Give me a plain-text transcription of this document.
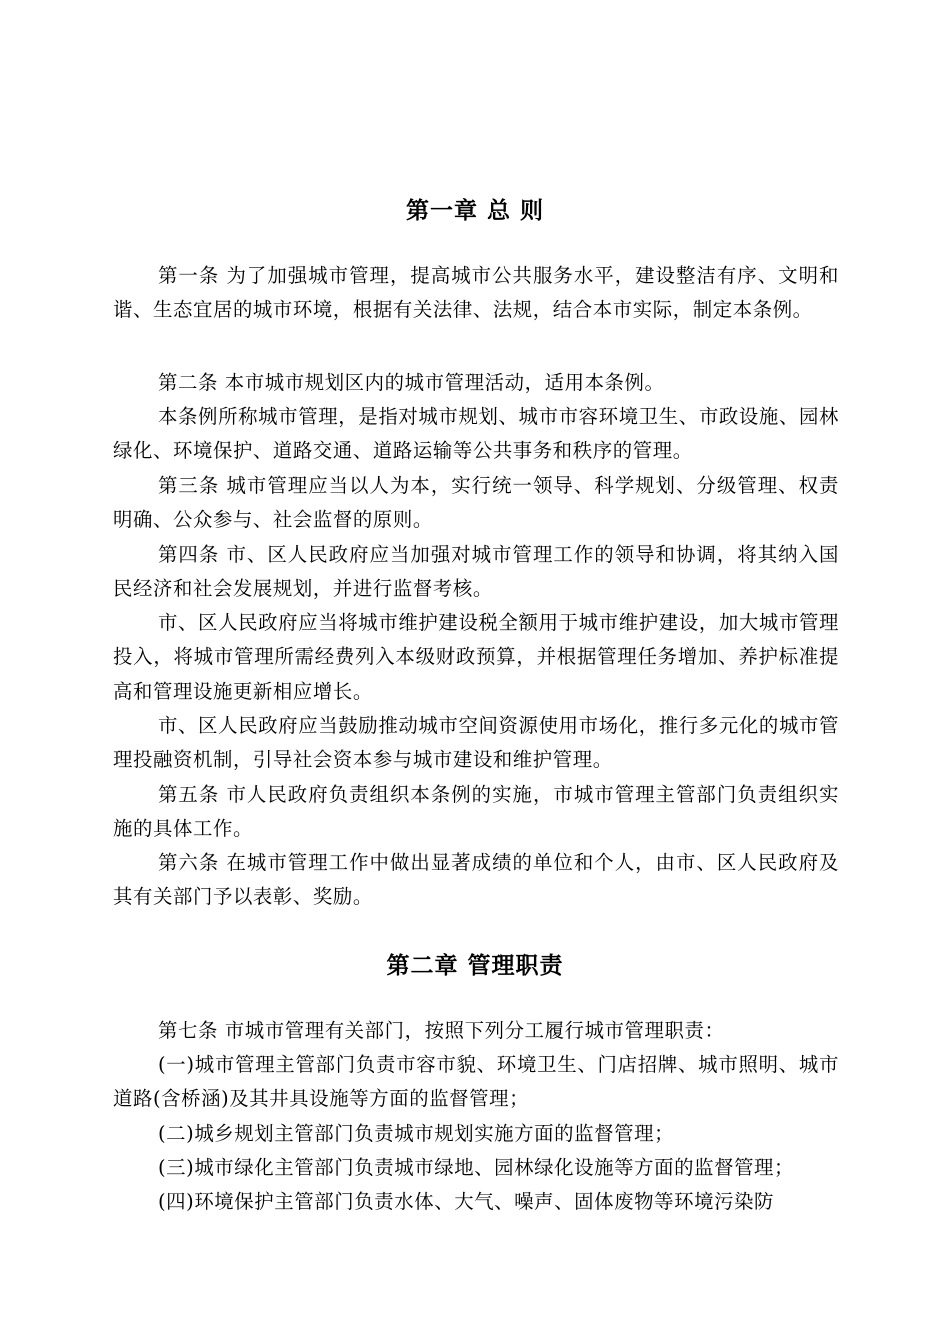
第一章 总 则

第一条 为了加强城市管理，提高城市公共服务水平，建设整洁有序、文明和谐、生态宜居的城市环境，根据有关法律、法规，结合本市实际，制定本条例。

第二条 本市城市规划区内的城市管理活动，适用本条例。

本条例所称城市管理，是指对城市规划、城市市容环境卫生、市政设施、园林绿化、环境保护、道路交通、道路运输等公共事务和秩序的管理。

第三条 城市管理应当以人为本，实行统一领导、科学规划、分级管理、权责明确、公众参与、社会监督的原则。

第四条 市、区人民政府应当加强对城市管理工作的领导和协调，将其纳入国民经济和社会发展规划，并进行监督考核。

市、区人民政府应当将城市维护建设税全额用于城市维护建设，加大城市管理投入，将城市管理所需经费列入本级财政预算，并根据管理任务增加、养护标准提高和管理设施更新相应增长。

市、区人民政府应当鼓励推动城市空间资源使用市场化，推行多元化的城市管理投融资机制，引导社会资本参与城市建设和维护管理。

第五条 市人民政府负责组织本条例的实施，市城市管理主管部门负责组织实施的具体工作。

第六条 在城市管理工作中做出显著成绩的单位和个人，由市、区人民政府及其有关部门予以表彰、奖励。

第二章 管理职责

第七条 市城市管理有关部门，按照下列分工履行城市管理职责：

(一)城市管理主管部门负责市容市貌、环境卫生、门店招牌、城市照明、城市道路(含桥涵)及其井具设施等方面的监督管理；

(二)城乡规划主管部门负责城市规划实施方面的监督管理；

(三)城市绿化主管部门负责城市绿地、园林绿化设施等方面的监督管理；

(四)环境保护主管部门负责水体、大气、噪声、固体废物等环境污染防
